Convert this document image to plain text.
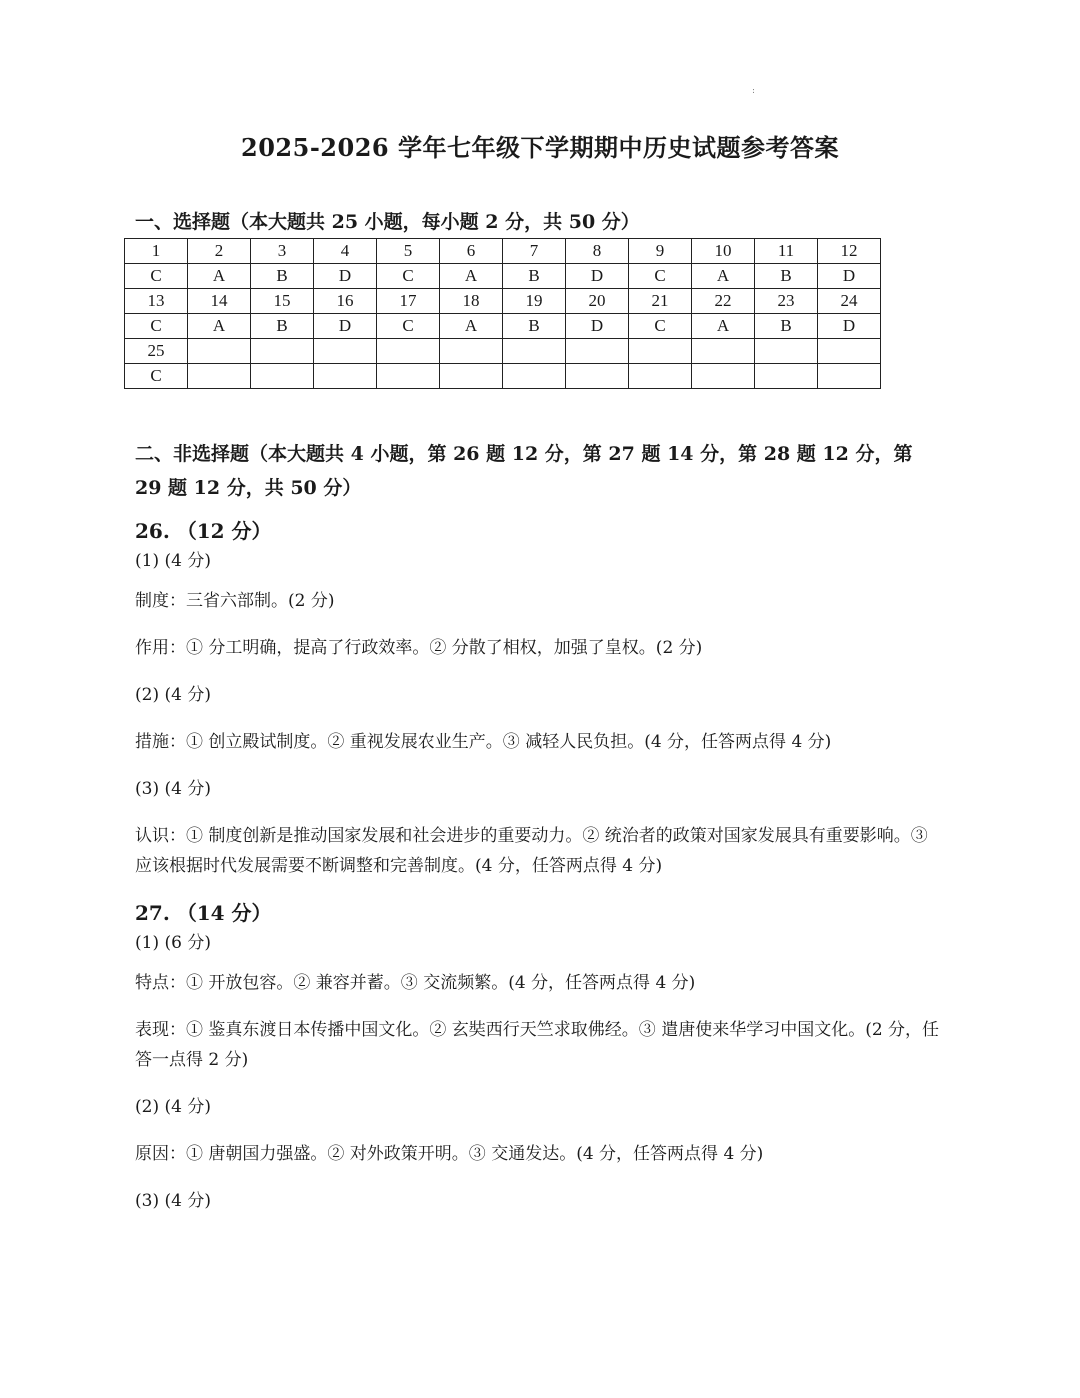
ː
2025-2026 学年七年级下学期期中历史试题参考答案
一、选择题（本大题共 25 小题，每小题 2 分，共 50 分）
1	2	3	4	5	6	7	8	9	10	11	12
C	A	B	D	C	A	B	D	C	A	B	D
13	14	15	16	17	18	19	20	21	22	23	24
C	A	B	D	C	A	B	D	C	A	B	D
25											
C											
二、非选择题（本大题共 4 小题，第 26 题 12 分，第 27 题 14 分，第 28 题 12 分，第 29 题 12 分，共 50 分）

26. （12 分）

(1) (4 分)

制度：三省六部制。(2 分)

作用：① 分工明确，提高了行政效率。② 分散了相权，加强了皇权。(2 分)

(2) (4 分)

措施：① 创立殿试制度。② 重视发展农业生产。③ 减轻人民负担。(4 分，任答两点得 4 分)

(3) (4 分)

认识：① 制度创新是推动国家发展和社会进步的重要动力。② 统治者的政策对国家发展具有重要影响。③ 应该根据时代发展需要不断调整和完善制度。(4 分，任答两点得 4 分)

27. （14 分）

(1) (6 分)

特点：① 开放包容。② 兼容并蓄。③ 交流频繁。(4 分，任答两点得 4 分)

表现：① 鉴真东渡日本传播中国文化。② 玄奘西行天竺求取佛经。③ 遣唐使来华学习中国文化。(2 分，任答一点得 2 分)

(2) (4 分)

原因：① 唐朝国力强盛。② 对外政策开明。③ 交通发达。(4 分，任答两点得 4 分)

(3) (4 分)
